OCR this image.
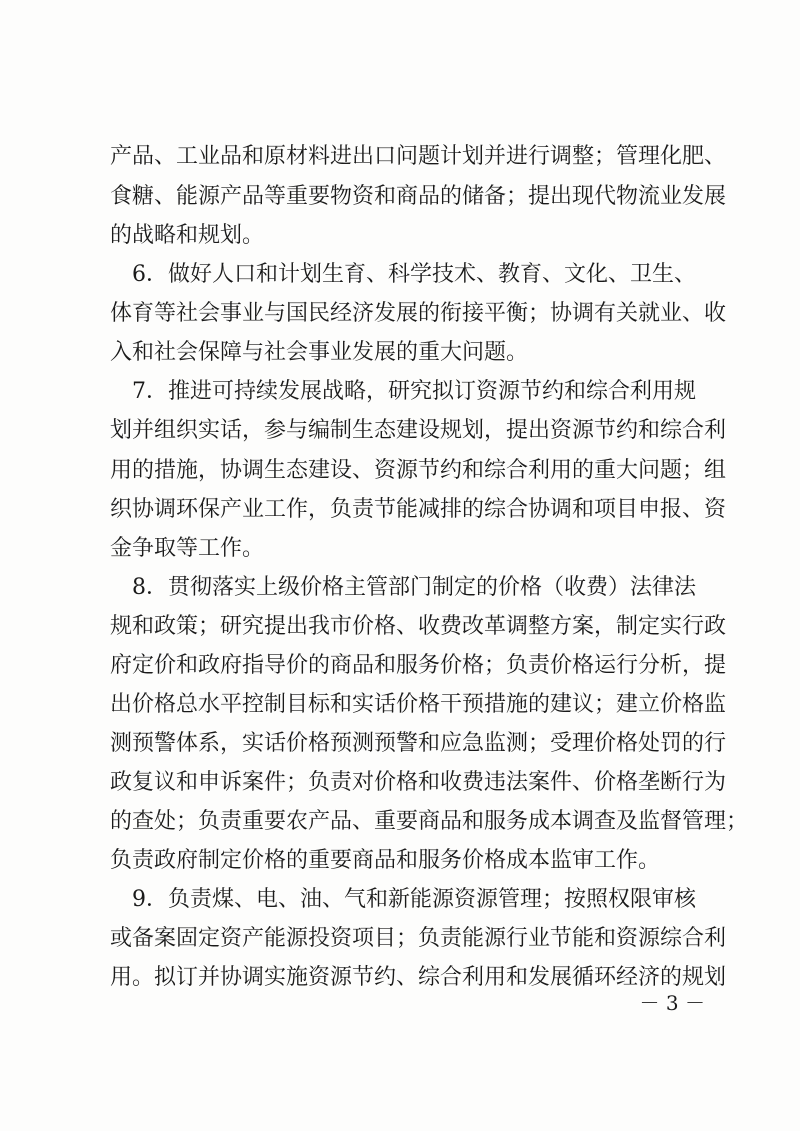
产品、工业品和原材料进出口问题计划并进行调整；管理化肥、
食糖、能源产品等重要物资和商品的储备；提出现代物流业发展
的战略和规划。
　6．做好人口和计划生育、科学技术、教育、文化、卫生、
体育等社会事业与国民经济发展的衔接平衡；协调有关就业、收
入和社会保障与社会事业发展的重大问题。
　7．推进可持续发展战略，研究拟订资源节约和综合利用规
划并组织实话，参与编制生态建设规划，提出资源节约和综合利
用的措施，协调生态建设、资源节约和综合利用的重大问题；组
织协调环保产业工作，负责节能减排的综合协调和项目申报、资
金争取等工作。
　8．贯彻落实上级价格主管部门制定的价格（收费）法律法
规和政策；研究提出我市价格、收费改革调整方案，制定实行政
府定价和政府指导价的商品和服务价格；负责价格运行分析，提
出价格总水平控制目标和实话价格干预措施的建议；建立价格监
测预警体系，实话价格预测预警和应急监测；受理价格处罚的行
政复议和申诉案件；负责对价格和收费违法案件、价格垄断行为
的查处；负责重要农产品、重要商品和服务成本调查及监督管理；
负责政府制定价格的重要商品和服务价格成本监审工作。
　9．负责煤、电、油、气和新能源资源管理；按照权限审核
或备案固定资产能源投资项目；负责能源行业节能和资源综合利
用。拟订并协调实施资源节约、综合利用和发展循环经济的规划
－ 3 －
